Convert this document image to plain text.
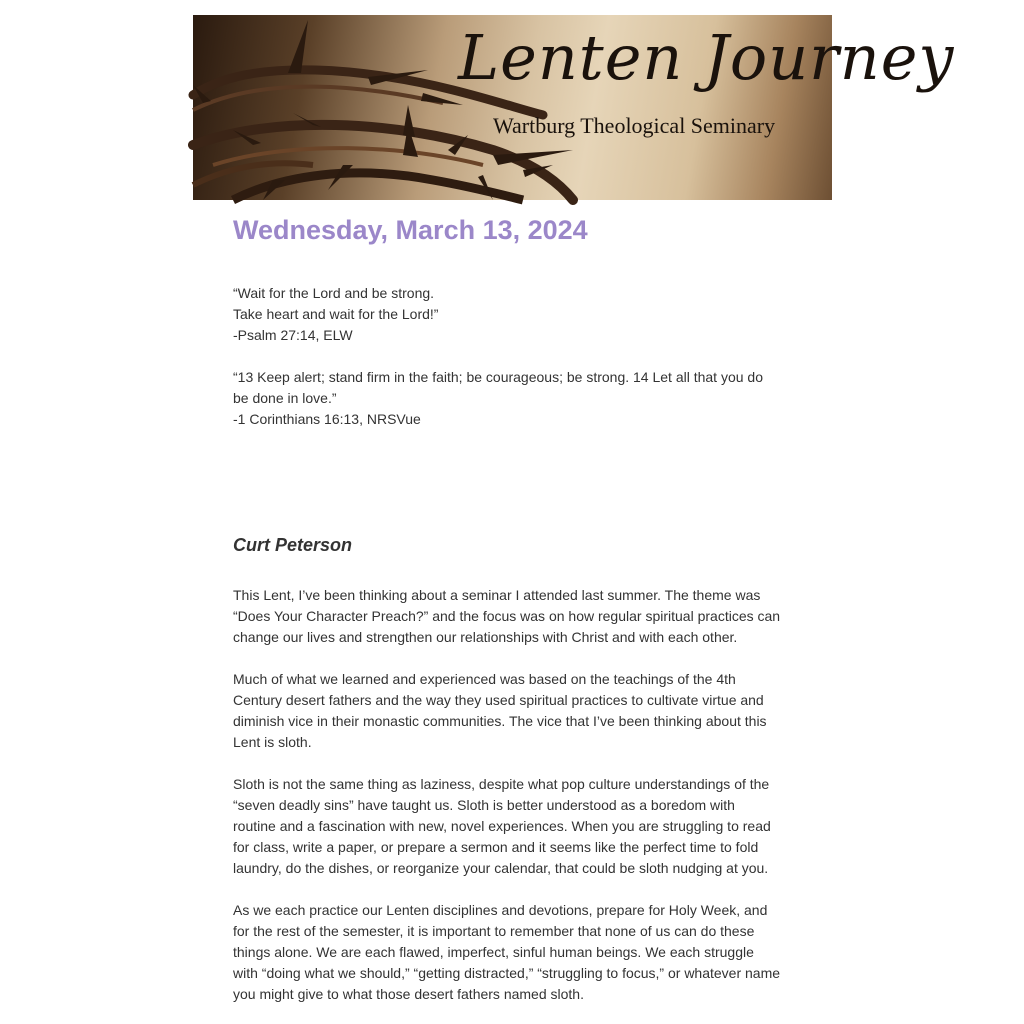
Lenten Journey
Wartburg Theological Seminary
Wednesday, March 13, 2024

“Wait for the Lord and be strong.
Take heart and wait for the Lord!”
-Psalm 27:14, ELW

“13 Keep alert; stand firm in the faith; be courageous; be strong. 14 Let all that you do
be done in love.”
-1 Corinthians 16:13, NRSVue

Curt Peterson

This Lent, I’ve been thinking about a seminar I attended last summer. The theme was
“Does Your Character Preach?” and the focus was on how regular spiritual practices can
change our lives and strengthen our relationships with Christ and with each other.

Much of what we learned and experienced was based on the teachings of the 4th
Century desert fathers and the way they used spiritual practices to cultivate virtue and
diminish vice in their monastic communities. The vice that I’ve been thinking about this
Lent is sloth.

Sloth is not the same thing as laziness, despite what pop culture understandings of the
“seven deadly sins” have taught us. Sloth is better understood as a boredom with
routine and a fascination with new, novel experiences. When you are struggling to read
for class, write a paper, or prepare a sermon and it seems like the perfect time to fold
laundry, do the dishes, or reorganize your calendar, that could be sloth nudging at you.

As we each practice our Lenten disciplines and devotions, prepare for Holy Week, and
for the rest of the semester, it is important to remember that none of us can do these
things alone. We are each flawed, imperfect, sinful human beings. We each struggle
with “doing what we should,” “getting distracted,” “struggling to focus,” or whatever name
you might give to what those desert fathers named sloth.
